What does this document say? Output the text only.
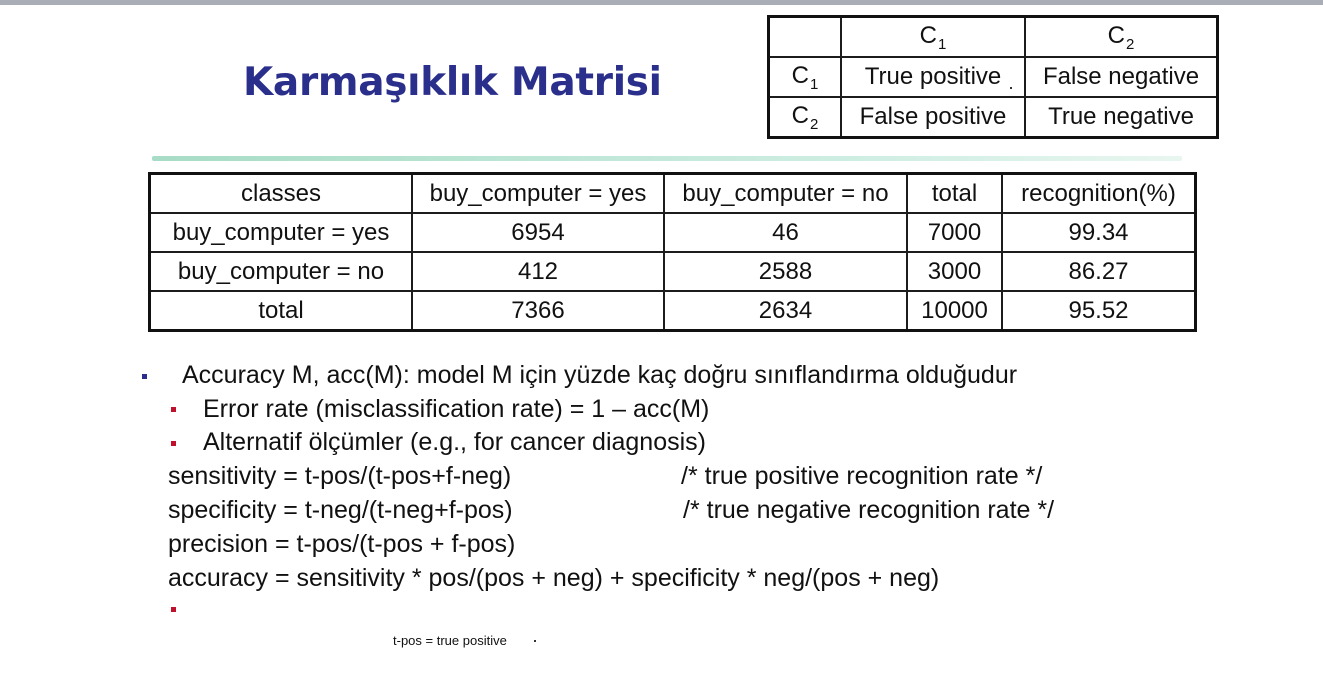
Karmaşıklık Matrisi
	$C_1$	$C_2$
$C_1$	True positive	False negative
$C_2$	False positive	True negative
classes	buy_computer = yes	buy_computer = no	total	recognition(%)
buy_computer = yes	6954	46	7000	99.34
buy_computer = no	412	2588	3000	86.27
total	7366	2634	10000	95.52

Accuracy M, acc(M): model M için yüzde kaç doğru sınıflandırma olduğudur

Error rate (misclassification rate) = 1 – acc(M)

Alternatif ölçümler (e.g., for cancer diagnosis)

sensitivity = t-pos/(t-pos+f-neg)	/* true positive recognition rate */

specificity = t-neg/(t-neg+f-pos)	/* true negative recognition rate */

precision = t-pos/(t-pos + f-pos)

accuracy = sensitivity * pos/(pos + neg) + specificity * neg/(pos + neg)

t-pos = true positive
